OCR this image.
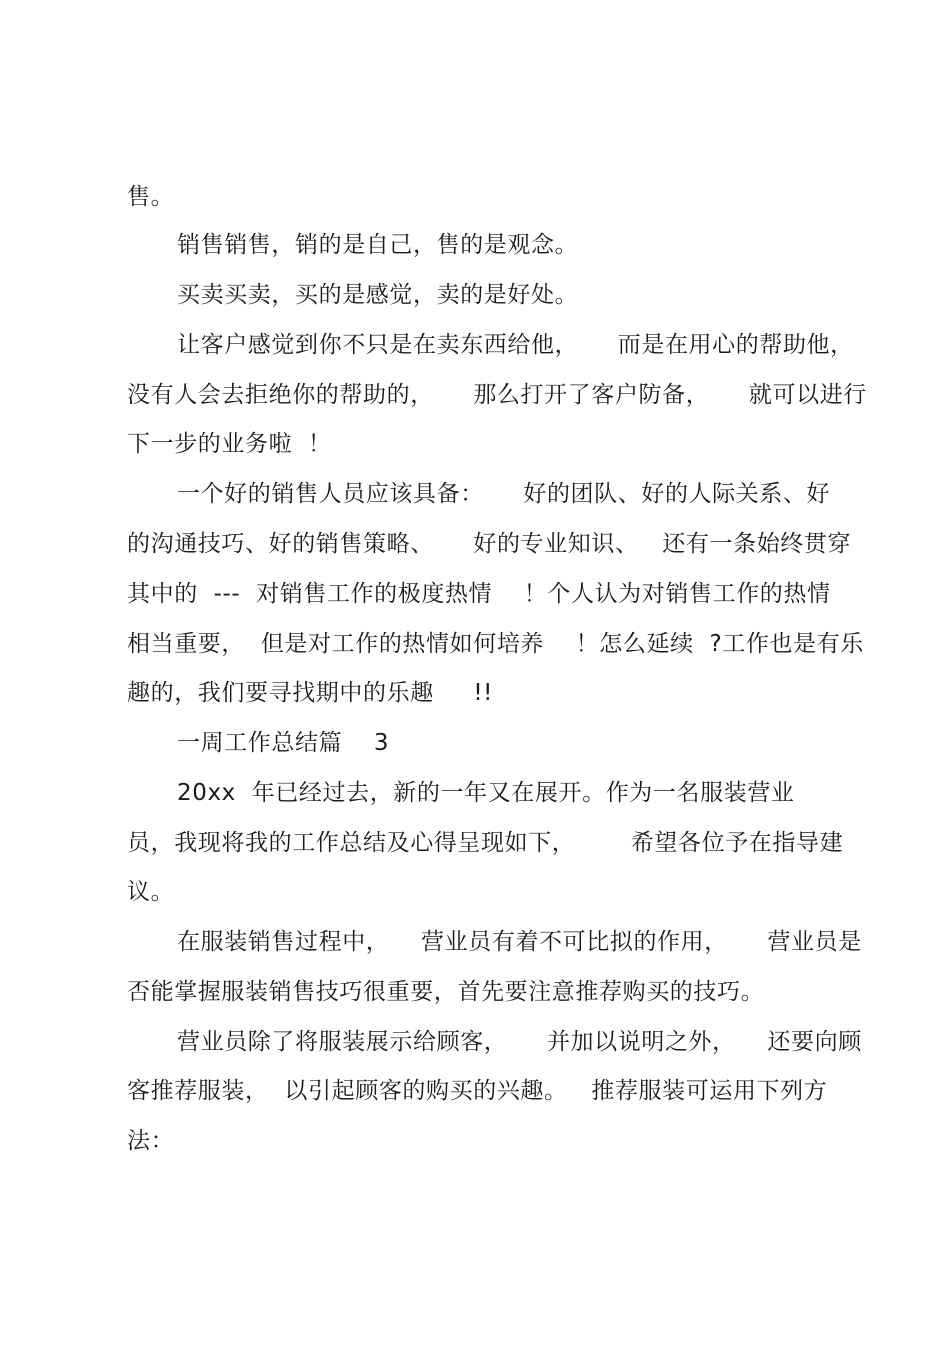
售。

销售销售，销的是自己，售的是观念。

买卖买卖，买的是感觉，卖的是好处。

让客户感觉到你不只是在卖东西给他，     而是在用心的帮助他，

没有人会去拒绝你的帮助的，     那么打开了客户防备，     就可以进行

下一步的业务啦  ！

一个好的销售人员应该具备：     好的团队、好的人际关系、好

的沟通技巧、好的销售策略、     好的专业知识、   还有一条始终贯穿

其中的  ---  对销售工作的极度热情    ！个人认为对销售工作的热情

相当重要，  但是对工作的热情如何培养    ！怎么延续  ?工作也是有乐

趣的，我们要寻找期中的乐趣     !!

一周工作总结篇    3

20xx  年已经过去，新的一年又在展开。作为一名服装营业

员，我现将我的工作总结及心得呈现如下，       希望各位予在指导建

议。

在服装销售过程中，    营业员有着不可比拟的作用，     营业员是

否能掌握服装销售技巧很重要，首先要注意推荐购买的技巧。

营业员除了将服装展示给顾客，     并加以说明之外，    还要向顾

客推荐服装，  以引起顾客的购买的兴趣。   推荐服装可运用下列方

法：
